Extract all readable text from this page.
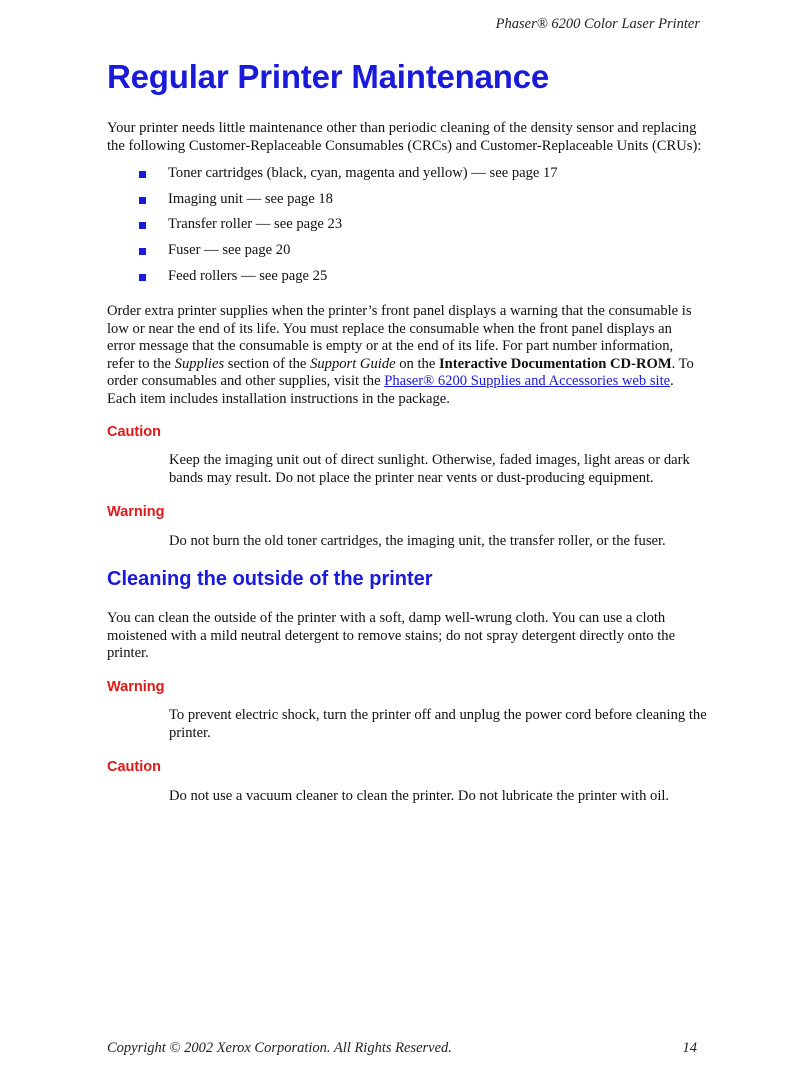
Phaser® 6200 Color Laser Printer
Regular Printer Maintenance

Your printer needs little maintenance other than periodic cleaning of the density sensor and replacing the following Customer-Replaceable Consumables (CRCs) and Customer-Replaceable Units (CRUs):

Toner cartridges (black, cyan, magenta and yellow) — see page 17
Imaging unit — see page 18
Transfer roller — see page 23
Fuser — see page 20
Feed rollers — see page 25

Order extra printer supplies when the printer’s front panel displays a warning that the consumable is low or near the end of its life. You must replace the consumable when the front panel displays an error message that the consumable is empty or at the end of its life. For part number information, refer to the Supplies section of the Support Guide on the Interactive Documentation CD-ROM. To order consumables and other supplies, visit the Phaser® 6200 Supplies and Accessories web site. Each item includes installation instructions in the package.

Caution

Keep the imaging unit out of direct sunlight. Otherwise, faded images, light areas or dark bands may result. Do not place the printer near vents or dust-producing equipment.

Warning

Do not burn the old toner cartridges, the imaging unit, the transfer roller, or the fuser.

Cleaning the outside of the printer

You can clean the outside of the printer with a soft, damp well-wrung cloth. You can use a cloth moistened with a mild neutral detergent to remove stains; do not spray detergent directly onto the printer.

Warning

To prevent electric shock, turn the printer off and unplug the power cord before cleaning the printer.

Caution

Do not use a vacuum cleaner to clean the printer. Do not lubricate the printer with oil.

Copyright © 2002 Xerox Corporation. All Rights Reserved.	14
